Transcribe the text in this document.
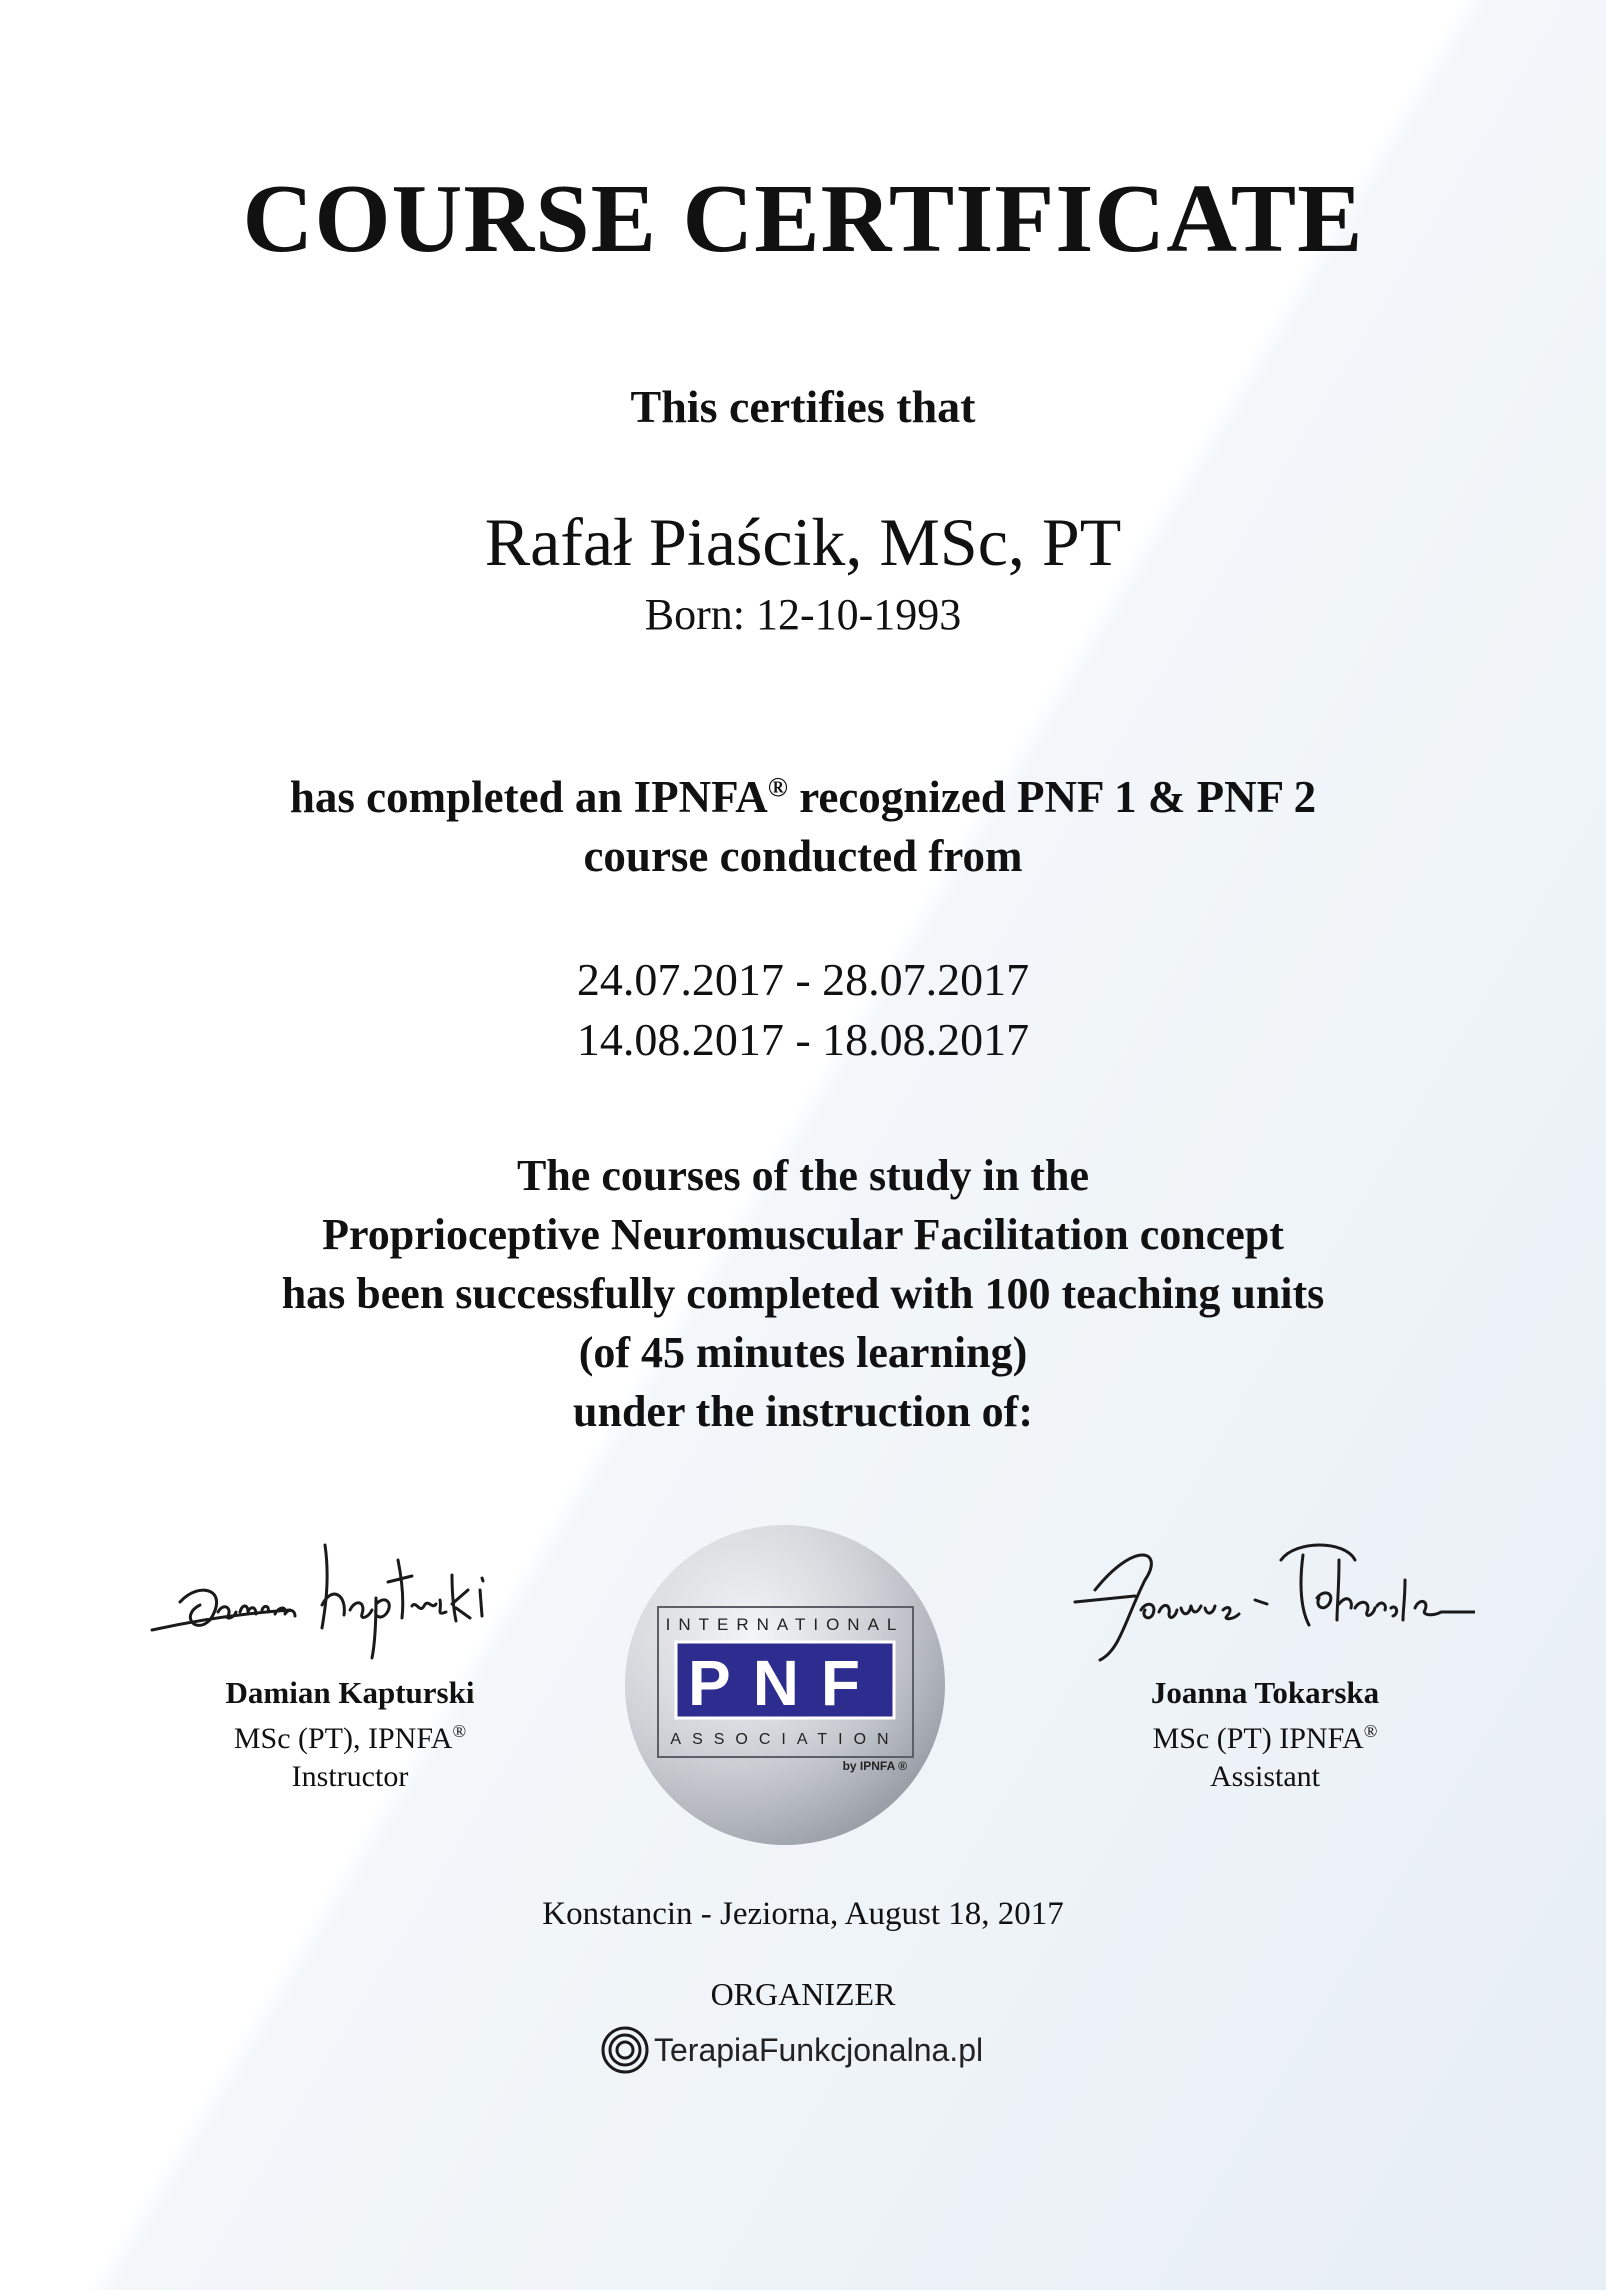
COURSE CERTIFICATE
This certifies that
Rafał Piaścik, MSc, PT
Born: 12-10-1993
has completed an IPNFA® recognized PNF 1 & PNF 2
course conducted from
24.07.2017 - 28.07.2017
14.08.2017 - 18.08.2017
The courses of the study in the
Proprioceptive Neuromuscular Facilitation concept
has been successfully completed with 100 teaching units
(of 45 minutes learning)
under the instruction of:
Damian Kapturski
MSc (PT), IPNFA®
Instructor
INTERNATIONAL
PNF
ASSOCIATION
by IPNFA ®
Joanna Tokarska
MSc (PT) IPNFA®
Assistant
Konstancin - Jeziorna, August 18, 2017
ORGANIZER
TerapiaFunkcjonalna.pl
